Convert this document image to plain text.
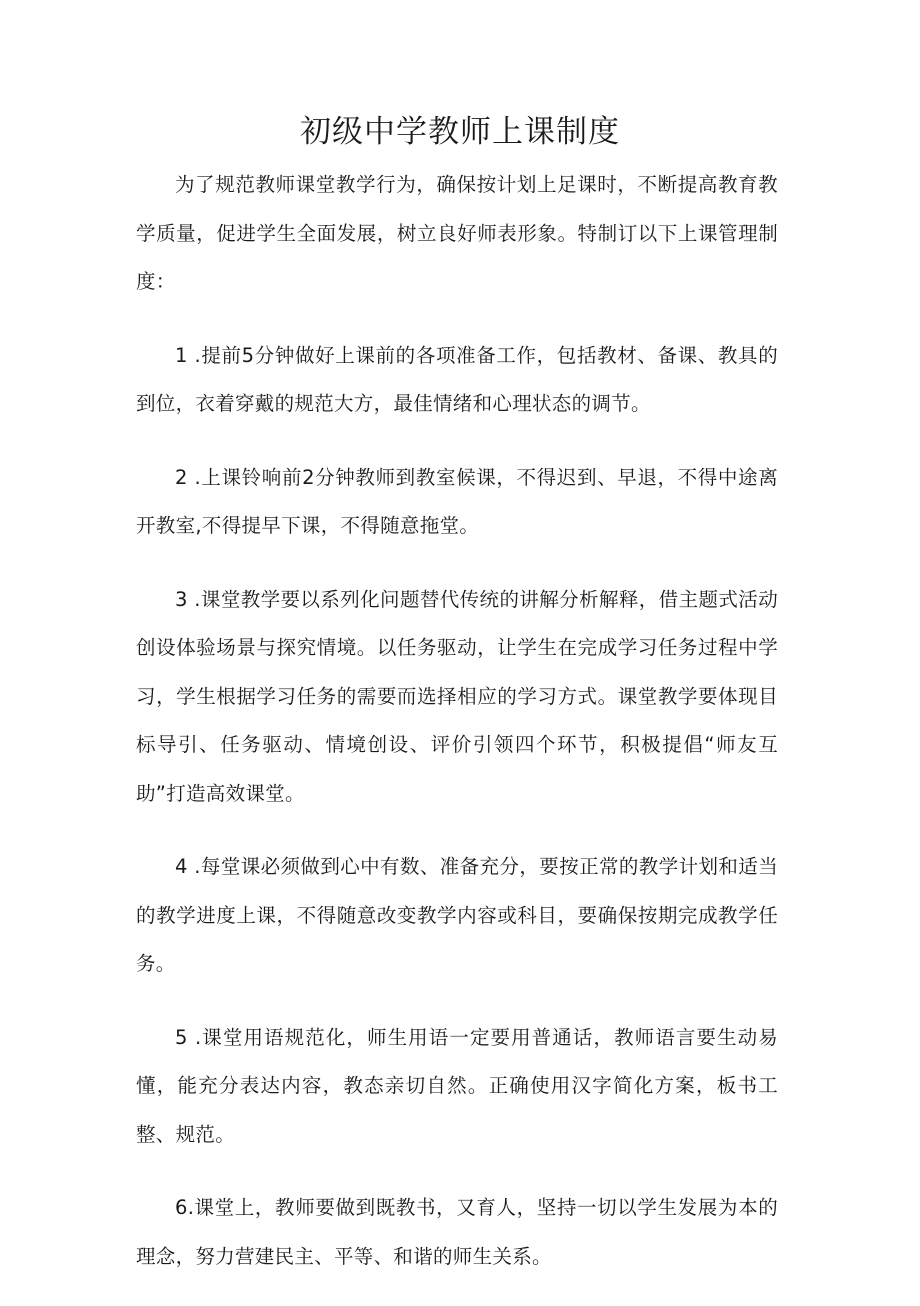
初级中学教师上课制度

为了规范教师课堂教学行为，确保按计划上足课时，不断提高教育教学质量，促进学生全面发展，树立良好师表形象。特制订以下上课管理制度：

1 .提前5分钟做好上课前的各项准备工作，包括教材、备课、教具的到位，衣着穿戴的规范大方，最佳情绪和心理状态的调节。

2 .上课铃响前2分钟教师到教室候课，不得迟到、早退，不得中途离开教室,不得提早下课，不得随意拖堂。

3 .课堂教学要以系列化问题替代传统的讲解分析解释，借主题式活动创设体验场景与探究情境。以任务驱动，让学生在完成学习任务过程中学习，学生根据学习任务的需要而选择相应的学习方式。课堂教学要体现目标导引、任务驱动、情境创设、评价引领四个环节，积极提倡“师友互助”打造高效课堂。

4 .每堂课必须做到心中有数、准备充分，要按正常的教学计划和适当的教学进度上课，不得随意改变教学内容或科目，要确保按期完成教学任务。

5 .课堂用语规范化，师生用语一定要用普通话，教师语言要生动易懂，能充分表达内容，教态亲切自然。正确使用汉字简化方案，板书工整、规范。

6.课堂上，教师要做到既教书，又育人，坚持一切以学生发展为本的理念，努力营建民主、平等、和谐的师生关系。
